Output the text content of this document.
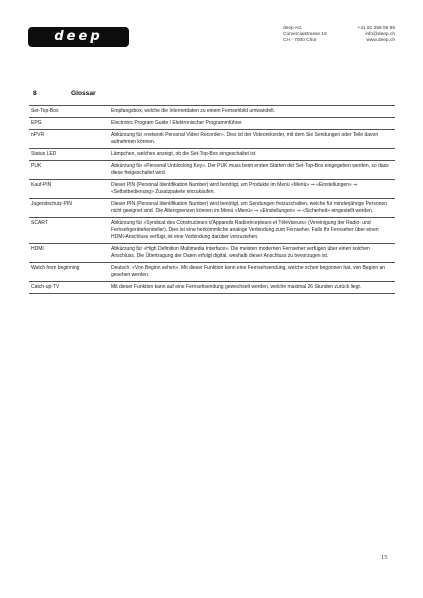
deep
deep AG
Comercialstrasse 19
CH - 7000 Chur
+41 81 258 56 86
info@deep.ch
www.deep.ch
8	Glossar
Set-Top-Box	Empfangsbox, welche die Internetdaten zu einem Fernsehbild umwandelt.
EPG	Electronic Program Guide / Elektronischer Programmführer
nPVR	Abkürzung für «network Personal Video Recorder». Dies ist der Videorekorder, mit dem Sie Sendungen oder Teile davon aufnehmen können.
Status LED	Lämpchen, welches anzeigt, ob die Set-Top-Box eingeschaltet ist.
PUK	Abkürzung für «Personal Unblocking Key». Der PUK muss beim ersten Starten der Set-Top-Box eingegeben werden, so dass diese freigeschaltet wird.
Kauf-PIN	Dieser PIN (Personal Identifikation Number) wird benötigt, um Produkte im Menü «Menü» ⇒ «Einstellungen» ⇒ «Selbstbedienung» Zusatzpakete einzukaufen.
Jugendschutz-PIN	Dieser PIN (Personal Identifikation Number) wird benötigt, um Sendungen freizuschalten, welche für minderjährige Personen nicht geeignet sind. Die Altersgrenzen können im Menü «Menü» ⇒ «Einstellungen» ⇒ «Sicherheit» eingestellt werden.
SCART	Abkürzung für «Syndicat des Constructeurs d'Appareils Radiorécepteurs et Téléviseurs» (Vereinigung der Radio- und Fernsehgerätehersteller). Dies ist eine herkömmliche analoge Verbindung zum Fernseher. Falls Ihr Fernseher über einen HDMI-Anschluss verfügt, ist eine Verbindung darüber vorzuziehen.
HDMI	Abkürzung für «High Definition Multimedia Interface». Die meisten modernen Fernseher verfügen über einen solchen Anschluss. Die Übertragung der Daten erfolgt digital, weshalb dieser Anschluss zu bevorzugen ist.
Watch from beginning	Deutsch: «Von Beginn sehen». Mit dieser Funktion kann eine Fernsehsendung, welche schon begonnen hat, von Beginn an gesehen werden.
Catch-up-TV	Mit dieser Funktion kann auf eine Fernsehsendung gewechselt werden, welche maximal 26 Stunden zurück liegt.
15
